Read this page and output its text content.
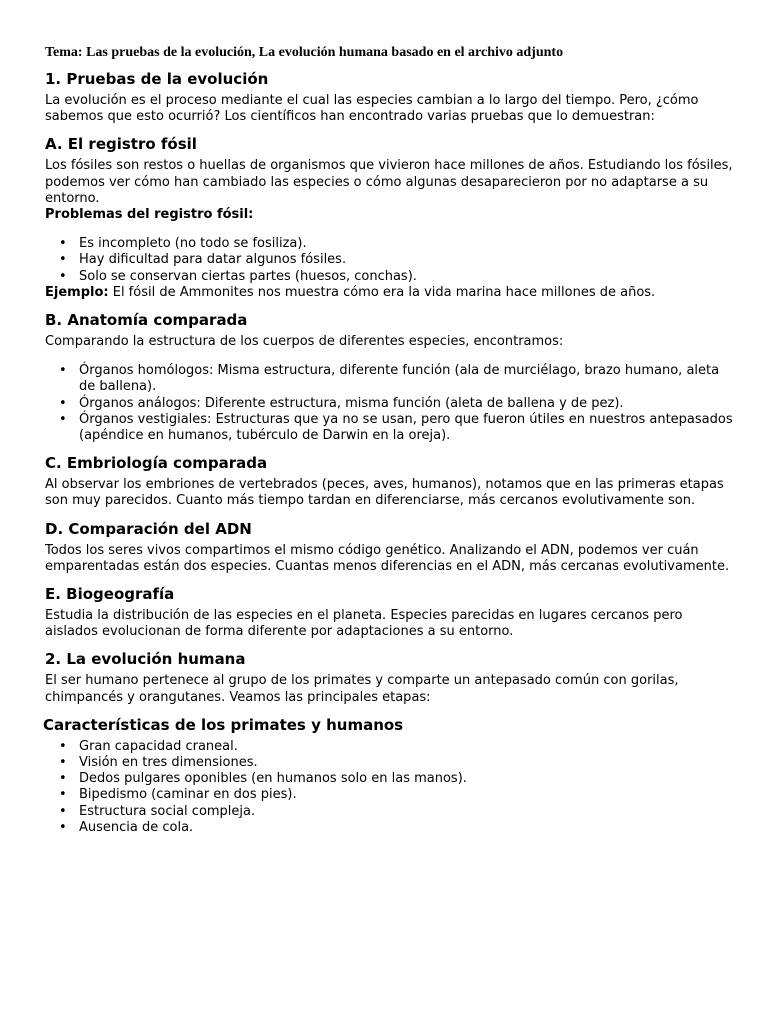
Tema: Las pruebas de la evolución, La evolución humana basado en el archivo adjunto
1. Pruebas de la evolución

La evolución es el proceso mediante el cual las especies cambian a lo largo del tiempo. Pero, ¿cómo sabemos que esto ocurrió? Los científicos han encontrado varias pruebas que lo demuestran:

A. El registro fósil

Los fósiles son restos o huellas de organismos que vivieron hace millones de años. Estudiando los fósiles, podemos ver cómo han cambiado las especies o cómo algunas desaparecieron por no adaptarse a su entorno.

Problemas del registro fósil:

• Es incompleto (no todo se fosiliza).
• Hay dificultad para datar algunos fósiles.
• Solo se conservan ciertas partes (huesos, conchas).

Ejemplo: El fósil de Ammonites nos muestra cómo era la vida marina hace millones de años.

B. Anatomía comparada

Comparando la estructura de los cuerpos de diferentes especies, encontramos:

• Órganos homólogos: Misma estructura, diferente función (ala de murciélago, brazo humano, aleta de ballena).
• Órganos análogos: Diferente estructura, misma función (aleta de ballena y de pez).
• Órganos vestigiales: Estructuras que ya no se usan, pero que fueron útiles en nuestros antepasados (apéndice en humanos, tubérculo de Darwin en la oreja).
C. Embriología comparada

Al observar los embriones de vertebrados (peces, aves, humanos), notamos que en las primeras etapas son muy parecidos. Cuanto más tiempo tardan en diferenciarse, más cercanos evolutivamente son.

D. Comparación del ADN

Todos los seres vivos compartimos el mismo código genético. Analizando el ADN, podemos ver cuán emparentadas están dos especies. Cuantas menos diferencias en el ADN, más cercanas evolutivamente.

E. Biogeografía

Estudia la distribución de las especies en el planeta. Especies parecidas en lugares cercanos pero aislados evolucionan de forma diferente por adaptaciones a su entorno.

2. La evolución humana

El ser humano pertenece al grupo de los primates y comparte un antepasado común con gorilas, chimpancés y orangutanes. Veamos las principales etapas:

Características de los primates y humanos
• Gran capacidad craneal.
• Visión en tres dimensiones.
• Dedos pulgares oponibles (en humanos solo en las manos).
• Bipedismo (caminar en dos pies).
• Estructura social compleja.
• Ausencia de cola.
